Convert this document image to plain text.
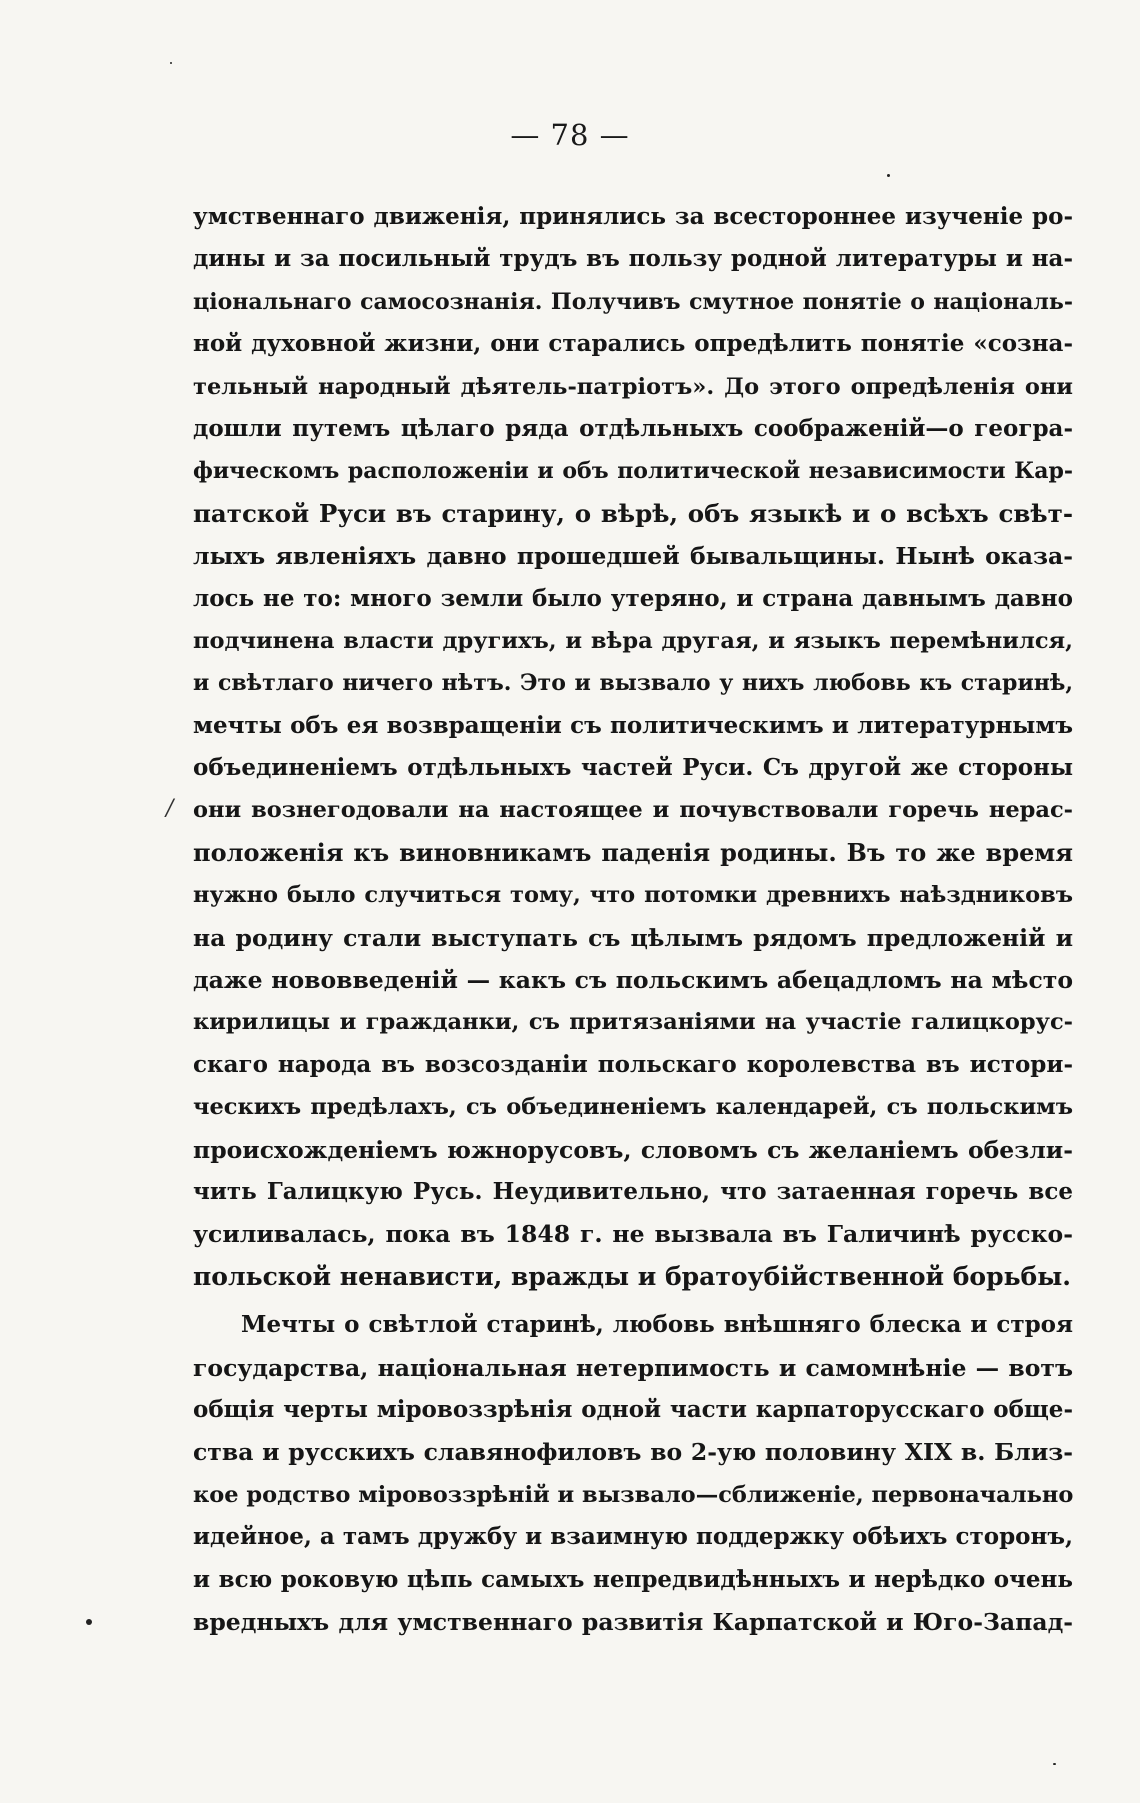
— 78 —
/
умственнаго движенія, принялись за всестороннее изученіе ро-
дины и за посильный трудъ въ пользу родной литературы и на-
ціональнаго самосознанія. Получивъ смутное понятіе о національ-
ной духовной жизни, они старались опредѣлить понятіе «созна-
тельный народный дѣятель-патріотъ». До этого опредѣленія они
дошли путемъ цѣлаго ряда отдѣльныхъ соображеній—о геогра-
фическомъ расположеніи и объ политической независимости Кар-
патской Руси въ старину, о вѣрѣ, объ языкѣ и о всѣхъ свѣт-
лыхъ явленіяхъ давно прошедшей бывальщины. Нынѣ оказа-
лось не то: много земли было утеряно, и страна давнымъ давно
подчинена власти другихъ, и вѣра другая, и языкъ перемѣнился,
и свѣтлаго ничего нѣтъ. Это и вызвало у нихъ любовь къ старинѣ,
мечты объ ея возвращеніи съ политическимъ и литературнымъ
объединеніемъ отдѣльныхъ частей Руси. Съ другой же стороны
они вознегодовали на настоящее и почувствовали горечь нерас-
положенія къ виновникамъ паденія родины. Въ то же время
нужно было случиться тому, что потомки древнихъ наѣздниковъ
на родину стали выступать съ цѣлымъ рядомъ предложеній и
даже нововведеній — какъ съ польскимъ абецадломъ на мѣсто
кирилицы и гражданки, съ притязаніями на участіе галицкорус-
скаго народа въ возсозданіи польскаго королевства въ истори-
ческихъ предѣлахъ, съ объединеніемъ календарей, съ польскимъ
происхожденіемъ южнорусовъ, словомъ съ желаніемъ обезли-
чить Галицкую Русь. Неудивительно, что затаенная горечь все
усиливалась, пока въ 1848 г. не вызвала въ Галичинѣ русско-
польской ненависти, вражды и братоубійственной борьбы.
Мечты о свѣтлой старинѣ, любовь внѣшняго блеска и строя
государства, національная нетерпимость и самомнѣніе — вотъ
общія черты міровоззрѣнія одной части карпаторусскаго обще-
ства и русскихъ славянофиловъ во 2-ую половину XIX в. Близ-
кое родство міровоззрѣній и вызвало—сближеніе, первоначально
идейное, а тамъ дружбу и взаимную поддержку обѣихъ сторонъ,
и всю роковую цѣпь самыхъ непредвидѣнныхъ и нерѣдко очень
вредныхъ для умственнаго развитія Карпатской и Юго-Запад-
